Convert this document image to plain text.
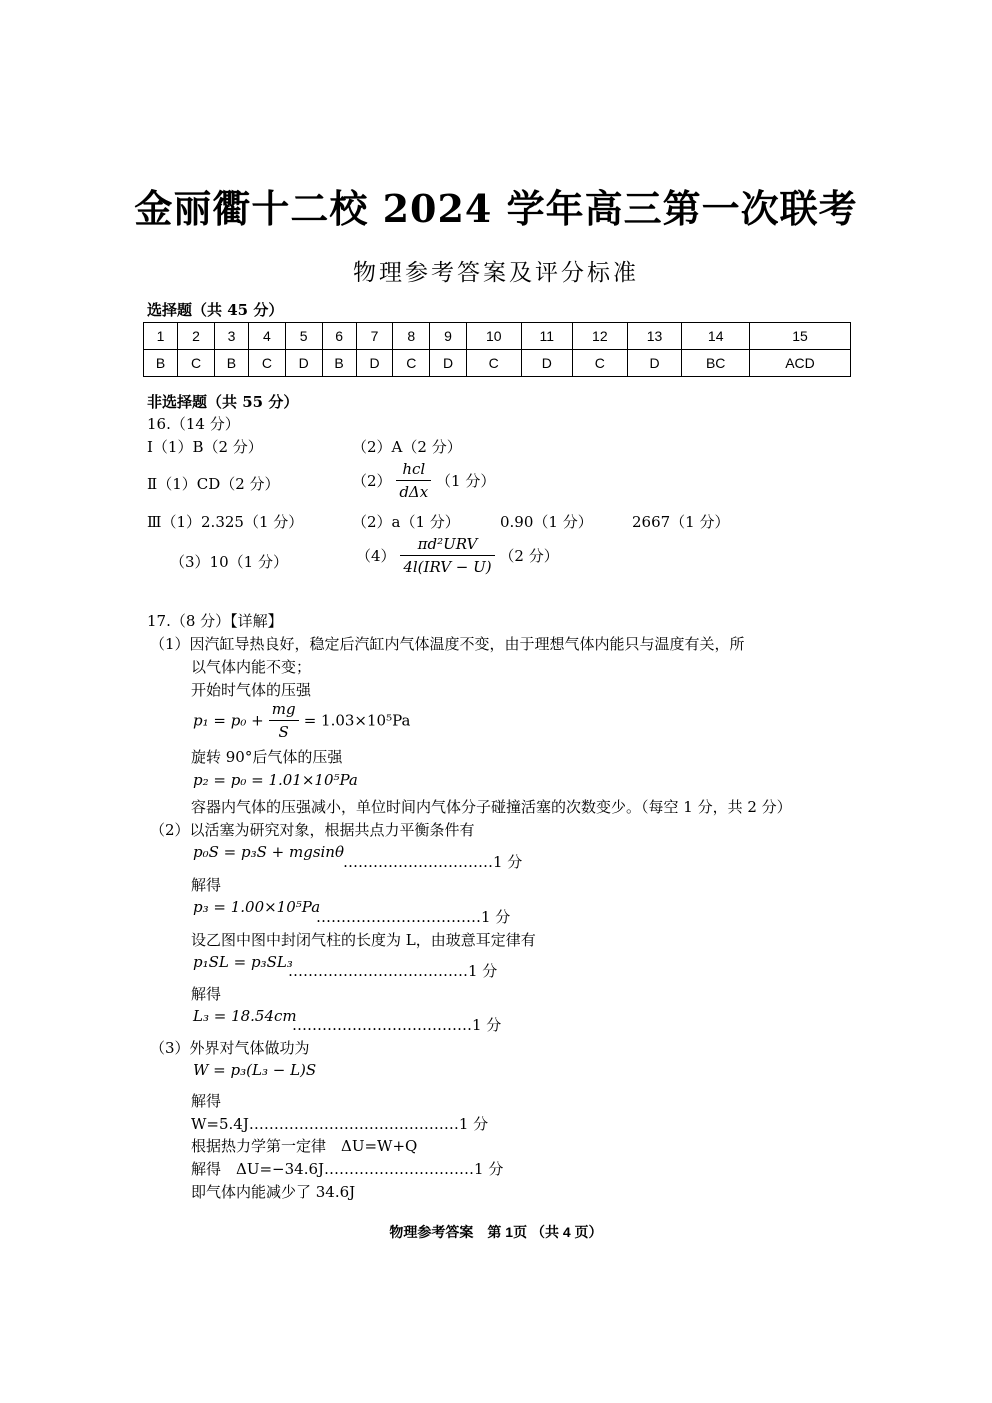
金丽衢十二校 2024 学年高三第一次联考
物理参考答案及评分标准
选择题（共 45 分）
1	2	3	4	5	6	7	8	9	10	11	12	13	14	15
B	C	B	C	D	B	D	C	D	C	D	C	D	BC	ACD
非选择题（共 55 分）
16.（14 分）
Ⅰ（1）B（2 分）	（2）A（2 分）
Ⅱ（1）CD（2 分）	$(2) \frac{\text{hcl}}{\text{dΔx}} (1$ 分）
Ⅲ（1）2.325（1 分）	（2）a（1 分）	0.90（1 分）	2667（1 分）
（3）10（1 分）	$(4) \frac{\text{πd²URV}}{\text{4l(IRV − U)}} (2$ 分）
17.（8 分）【详解】
（1）因汽缸导热良好，稳定后汽缸内气体温度不变，由于理想气体内能只与温度有关，所
以气体内能不变；
开始时气体的压强
$p_1 = p_0 + \frac{mg}{S} = 1.03\times 10^5Pa$
旋转 90°后气体的压强
p₂ = p₀ = 1.01×10⁵Pa
容器内气体的压强减小，单位时间内气体分子碰撞活塞的次数变少。（每空 1 分，共 2 分）
（2）以活塞为研究对象，根据共点力平衡条件有
p₀S = p₃S + mgsinθ
…………………………1 分
解得
p₃ = 1.00×10⁵Pa
……………………………1 分
设乙图中图中封闭气柱的长度为 L，由玻意耳定律有
p₁SL = p₃SL₃
………………………………1 分
解得
L₃ = 18.54cm
………………………………1 分
（3）外界对气体做功为
W = p₃(L₃ − L)S
解得
W=5.4J……………………………………1 分
根据热力学第一定律　ΔU=W+Q
解得　ΔU=−34.6J…………………………1 分
即气体内能减少了 34.6J
物理参考答案　第 1页 （共 4 页）
